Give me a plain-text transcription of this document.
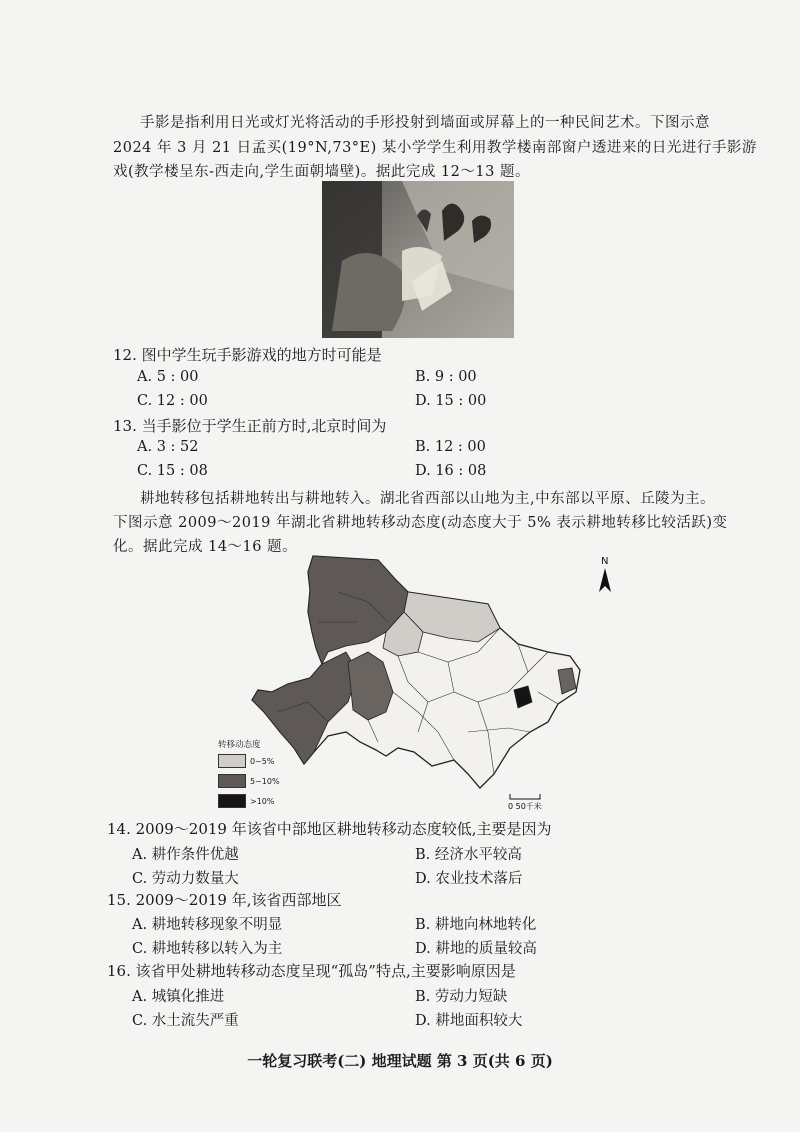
手影是指利用日光或灯光将活动的手形投射到墙面或屏幕上的一种民间艺术。下图示意
2024 年 3 月 21 日孟买(19°N,73°E) 某小学学生利用教学楼南部窗户透进来的日光进行手影游
戏(教学楼呈东-西走向,学生面朝墙壁)。据此完成 12～13 题。
12. 图中学生玩手影游戏的地方时可能是
A. 5 : 00	B. 9 : 00
C. 12 : 00	D. 15 : 00
13. 当手影位于学生正前方时,北京时间为
A. 3 : 52	B. 12 : 00
C. 15 : 08	D. 16 : 08
耕地转移包括耕地转出与耕地转入。湖北省西部以山地为主,中东部以平原、丘陵为主。
下图示意 2009～2019 年湖北省耕地转移动态度(动态度大于 5% 表示耕地转移比较活跃)变
化。据此完成 14～16 题。
甲
N
0 50千米
转移动态度
0~5%
5~10%
>10%
14. 2009～2019 年该省中部地区耕地转移动态度较低,主要是因为
A. 耕作条件优越	B. 经济水平较高
C. 劳动力数量大	D. 农业技术落后
15. 2009～2019 年,该省西部地区
A. 耕地转移现象不明显	B. 耕地向林地转化
C. 耕地转移以转入为主	D. 耕地的质量较高
16. 该省甲处耕地转移动态度呈现“孤岛”特点,主要影响原因是
A. 城镇化推进	B. 劳动力短缺
C. 水土流失严重	D. 耕地面积较大
一轮复习联考(二) 地理试题 第 3 页(共 6 页)
